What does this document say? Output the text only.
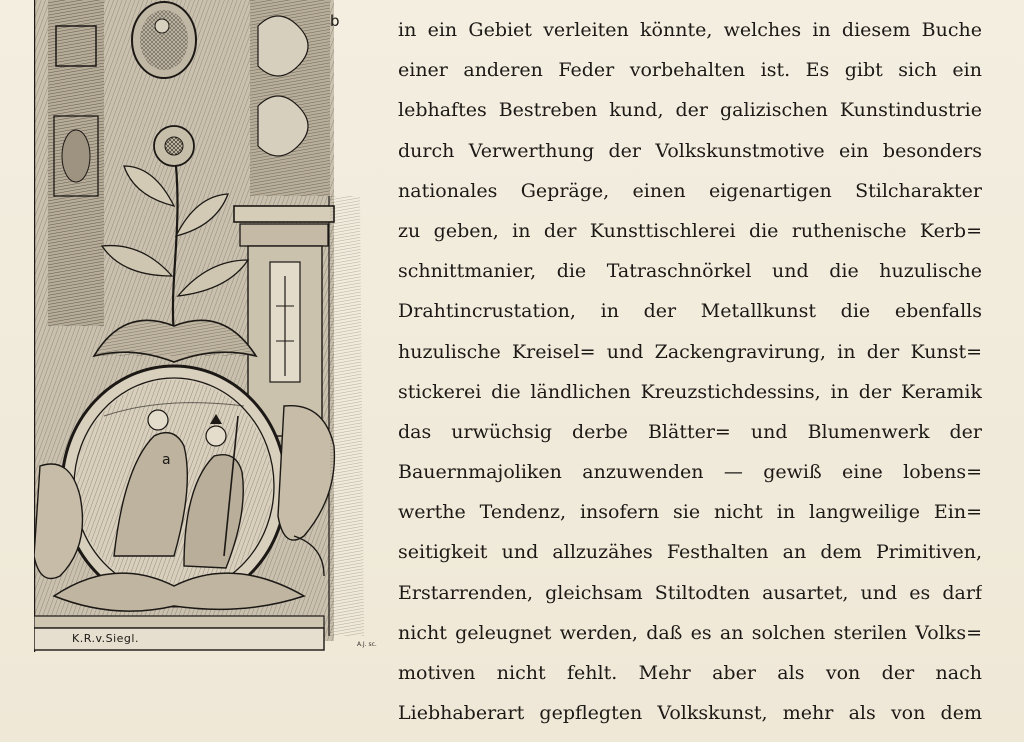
b
a
K.R.v.Siegl.	A.J. sc.
in ein Gebiet verleiten könnte, welches in diesem Buche
einer anderen Feder vorbehalten ist. Es gibt sich ein
lebhaftes Bestreben kund, der galizischen Kunstindustrie
durch Verwerthung der Volkskunstmotive ein besonders
nationales Gepräge, einen eigenartigen Stilcharakter
zu geben, in der Kunsttischlerei die ruthenische Kerb=
schnittmanier, die Tatraschnörkel und die huzulische
Drahtincrustation, in der Metallkunst die ebenfalls
huzulische Kreisel= und Zackengravirung, in der Kunst=
stickerei die ländlichen Kreuzstichdessins, in der Keramik
das urwüchsig derbe Blätter= und Blumenwerk der
Bauernmajoliken anzuwenden — gewiß eine lobens=
werthe Tendenz, insofern sie nicht in langweilige Ein=
seitigkeit und allzuzähes Festhalten an dem Primitiven,
Erstarrenden, gleichsam Stiltodten ausartet, und es darf
nicht geleugnet werden, daß es an solchen sterilen Volks=
motiven nicht fehlt. Mehr aber als von der nach
Liebhaberart gepflegten Volkskunst, mehr als von dem
